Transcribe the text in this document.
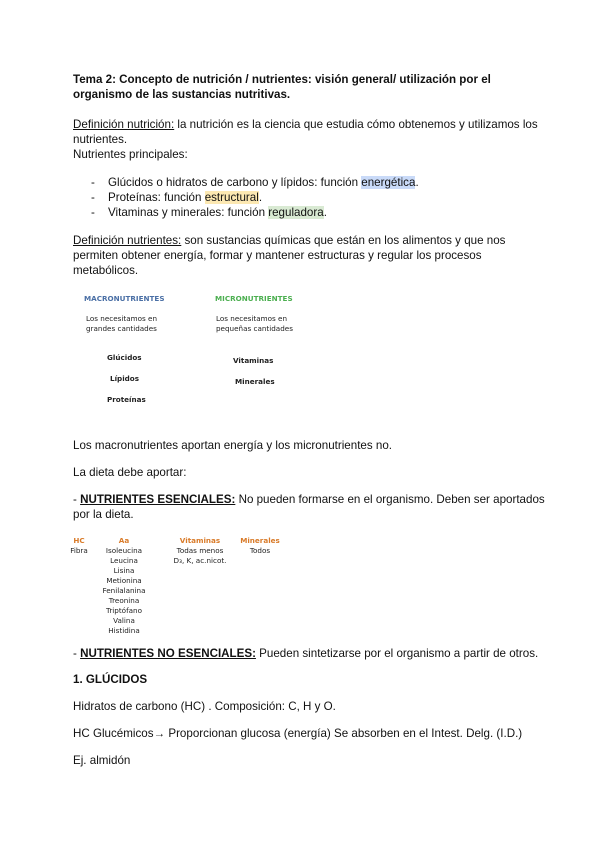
Tema 2: Concepto de nutrición / nutrientes: visión general/ utilización por el
organismo de las sustancias nutritivas.
Definición nutrición: la nutrición es la ciencia que estudia cómo obtenemos y utilizamos los
nutrientes.
Nutrientes principales:
- Glúcidos o hidratos de carbono y lípidos: función energética.
- Proteínas: función estructural.
- Vitaminas y minerales: función reguladora.
Definición nutrientes: son sustancias químicas que están en los alimentos y que nos
permiten obtener energía, formar y mantener estructuras y regular los procesos
metabólicos.
MACRONUTRIENTES
Los necesitamos en
grandes cantidades
Glúcidos
Lípidos
Proteínas
MICRONUTRIENTES
Los necesitamos en
pequeñas cantidades
Vitaminas
Minerales
Los macronutrientes aportan energía y los micronutrientes no.
La dieta debe aportar:
- NUTRIENTES ESENCIALES: No pueden formarse en el organismo. Deben ser aportados
por la dieta.
HC
Fibra
Aa
Isoleucina
Leucina
Lisina
Metionina
Fenilalanina
Treonina
Triptófano
Valina
Histidina
Vitaminas
Todas menos
D₃, K, ac.nicot.
Minerales
Todos
- NUTRIENTES NO ESENCIALES: Pueden sintetizarse por el organismo a partir de otros.
1. GLÚCIDOS
Hidratos de carbono (HC) . Composición: C, H y O.
HC Glucémicos→ Proporcionan glucosa (energía) Se absorben en el Intest. Delg. (I.D.)
Ej. almidón
